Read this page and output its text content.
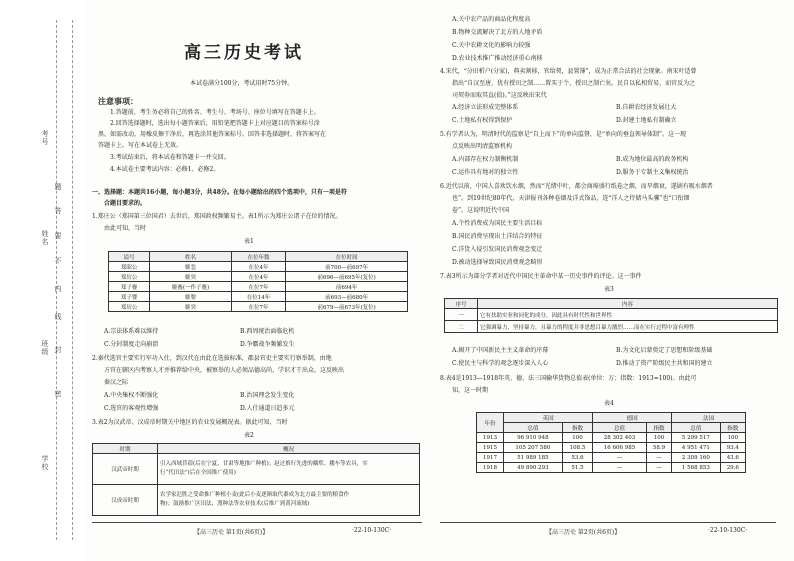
学校
班级
姓名
考号
密
封
线
内
不
要
答
题
高三历史考试
本试卷满分100分，考试用时75分钟。
注意事项：
1.答题前，考生务必将自己的姓名、考生号、考场号、座位号填写在答题卡上。
2.回答选择题时，选出每小题答案后，用铅笔把答题卡上对应题目的答案标号涂
黑。如需改动，用橡皮擦干净后，再选涂其他答案标号。回答非选择题时，将答案写在
答题卡上。写在本试卷上无效。
3.考试结束后，将本试卷和答题卡一并交回。
4.本试卷主要考试内容：必修1、必修2。
一、选择题：本题共16小题，每小题3分，共48分。在每小题给出的四个选项中，只有一项是符
合题目要求的。
1.郑庄公（郑国第三位国君）去世后，郑国政权频繁易主。表1所示为郑庄公诸子在位的情况。
由此可知，当时
表1
谥号	姓名	在位年数	在位时间
郑昭公	姬忽	在位4年	前700—前697年
郑厉公	姬突	在位4年	前696—前695年(复位)
郑子亹	姬亹(一作子亹)	在位7年	前694年
郑子婴	姬婴	在位14年	前693—前680年
郑厉公	姬突	在位7年	前679—前673年(复位)
A.宗法体系难以维持	B.西周统治面临危机
C.分封制度走向崩溃	D.争霸战争频繁发生
2.秦代选官主要实行军功入仕，到汉代在由此在选拔标准，郡县官吏主要实行察举制，由地
方官在辖区内考察人才并推荐给中央，被察举的人必须品德高尚、学识才干出众。这反映出
秦汉之际
A.中央集权不断强化	B.治国理念发生变化
C.选官的客观性增强	D.人仕通道日趋多元
3.表2为汉武帝、汉成帝时期关中地区的农业发展概况表。据此可知，当时
表2
时期	概况
汉武帝时期	引入西域苜蓿(后在宁夏、甘肃等地推广种植)；赵过推行先进的耦犁、耧车等农具，实
行“代田法”(后在全国推广使用)

汉成帝时期	农学家氾胜之受命推广种植小麦(此后小麦逐渐取代黍成为北方最主要的粮食作
物)；鼓励推广区田法、溲种法等农业技术(后推广到黄河流域)
【高三历史 第1页(共6页)】	·22-10-130C·
A.关中农产品的商品化程度高
B.物种交流解决了北方的人地矛盾
C.关中农耕文化的影响力较强
D.农业技术推广推动经济重心南移
4.宋代，“分田析户(分家)，典卖割移，官给契，县置簿”，成为正常合法的社会现象。南宋叶适曾
指出“自汉至唐，犹有授田之制……置买于个，授田之制亡矣。民自以私相贸易，而官反为之
司契券而取其直(值)。”这反映出宋代
A.经济立法形成完整体系	B.自耕农经济发展壮大
C.土地私有权得到保护	D.封建土地私有制确立
5.有学者认为，明清时代的监察是“自上而下”的单向监督，是“单向的垂直领导体制”。这一现
点反映出明清监察机构
A.内部存在权力制衡机制	B.成为地位最高的政务机构
C.运作具有地对的独立性	D.服务于专制主义集权统治
6.近代以前，中国人喜欢饮水烟，然而“光绪中叶，都会商埠盛行纸卷之烟，而旱烟衰，遂剧有吸水烟者
也”。到19世纪80年代，天津报刊各种卷烟及洋式饰品，连“洋人之侍储马头骡”也“口衔细
卷”。这说明近代中国
A.个性消费成为国民主要生活目标
B.国民消费呈现出土洋结合的特征
C.洋货入侵引发国民消费观念变迁
D.被动选择导致国民消费观念畸形
7.表3所示为部分学者对近代中国民主革命中某一历史事件的评论。这一事件
表3
序号	内容
一	它有扶助实业和同化的成分，因此具有时代性和世界性
二	它强调暴力，坚持暴力，且暴力的程度并非思想目暴力激烈……而在实行过程中富有理性
A.揭开了中国新民主主义革命的序幕	B.为文化启蒙奠定了思想和阶级基础
C.使民主与科学的观念逐步深入人心	D.推动了资产阶级民主共和国的建立
8.表4是1913—1918年英、德、法三国输华货物总值表(单位：万；指数：1913=100)。由此可
知，这一时期
表4
年份	英国		德国		法国	
	总值	指数	总值	指数	总值	指数
1913	96 910 948	100	28 302 403	100	5 299 517	100
1915	105 207 580	108.5	16 606 985	58.9	4 951 471	93.4
1917	51 989 185	53.6	—	—	2 309 160	43.6
1918	49 890 293	51.5	—	—	1 568 853	29.6
【高三历史 第2页(共6页)】	·22-10-130C·
